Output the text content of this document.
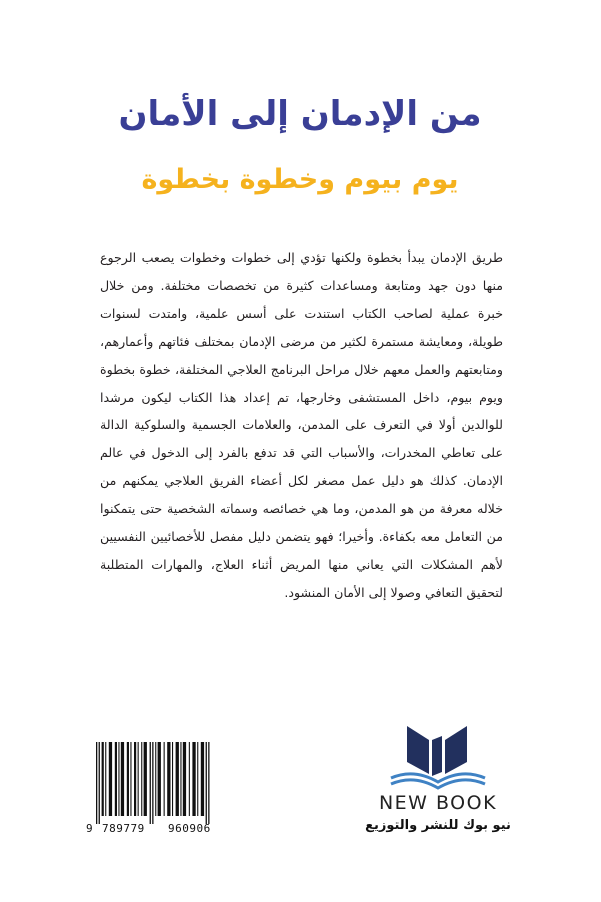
من الإدمان إلى الأمان
يوم بيوم وخطوة بخطوة
طريق الإدمان يبدأ بخطوة ولكنها تؤدي إلى خطوات وخطوات يصعب الرجوع منها دون جهد ومتابعة ومساعدات كثيرة من تخصصات مختلفة. ومن خلال خبرة عملية لصاحب الكتاب استندت على أسس علمية، وامتدت لسنوات طويلة، ومعايشة مستمرة لكثير من مرضى الإدمان بمختلف فئاتهم وأعمارهم، ومتابعتهم والعمل معهم خلال مراحل البرنامج العلاجي المختلفة، خطوة بخطوة ويوم بيوم، داخل المستشفى وخارجها، تم إعداد هذا الكتاب ليكون مرشدا للوالدين أولا في التعرف على المدمن، والعلامات الجسمية والسلوكية الدالة على تعاطي المخدرات، والأسباب التي قد تدفع بالفرد إلى الدخول في عالم الإدمان. كذلك هو دليل عمل مصغر لكل أعضاء الفريق العلاجي يمكنهم من خلاله معرفة من هو المدمن، وما هي خصائصه وسماته الشخصية حتى يتمكنوا من التعامل معه بكفاءة. وأخيرا؛ فهو يتضمن دليل مفصل للأخصائيين النفسيين لأهم المشكلات التي يعاني منها المريض أثناء العلاج، والمهارات المتطلبة لتحقيق التعافي وصولا إلى الأمان المنشود.
9 789779 960906
NEW BOOK
نيو بوك للنشر والتوزيع
